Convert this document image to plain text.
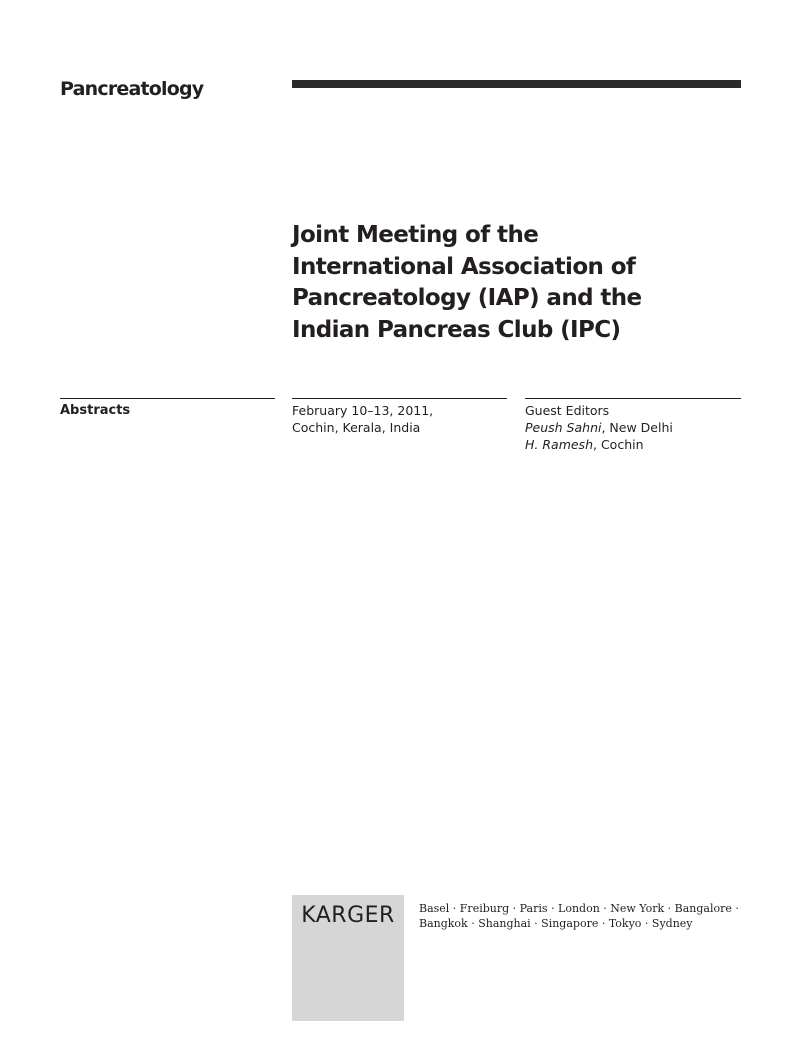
Pancreatology
Joint Meeting of the
International Association of
Pancreatology (IAP) and the
Indian Pancreas Club (IPC)
Abstracts	February 10–13, 2011,
Cochin, Kerala, India
Guest Editors
Peush Sahni, New Delhi
H. Ramesh, Cochin
KARGER	Basel · Freiburg · Paris · London · New York · Bangalore ·
Bangkok · Shanghai · Singapore · Tokyo · Sydney
